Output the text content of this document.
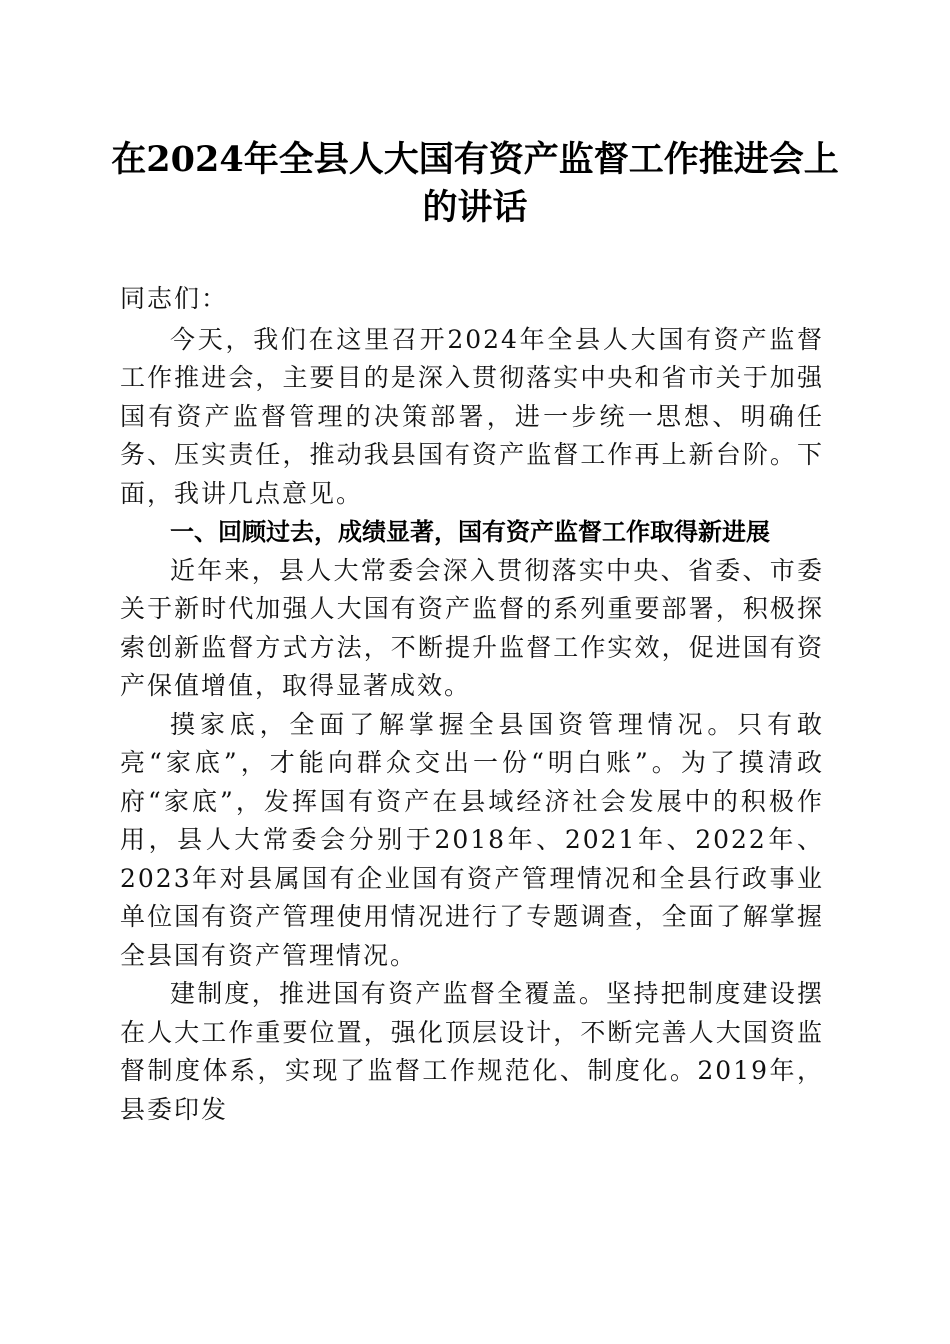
在2024年全县人大国有资产监督工作推进会上的讲话

同志们：

今天，我们在这里召开2024年全县人大国有资产监督工作推进会，主要目的是深入贯彻落实中央和省市关于加强国有资产监督管理的决策部署，进一步统一思想、明确任务、压实责任，推动我县国有资产监督工作再上新台阶。下面，我讲几点意见。

一、回顾过去，成绩显著，国有资产监督工作取得新进展

近年来，县人大常委会深入贯彻落实中央、省委、市委关于新时代加强人大国有资产监督的系列重要部署，积极探索创新监督方式方法，不断提升监督工作实效，促进国有资产保值增值，取得显著成效。

摸家底，全面了解掌握全县国资管理情况。只有敢亮“家底”，才能向群众交出一份“明白账”。为了摸清政府“家底”，发挥国有资产在县域经济社会发展中的积极作用，县人大常委会分别于2018年、2021年、2022年、2023年对县属国有企业国有资产管理情况和全县行政事业单位国有资产管理使用情况进行了专题调查，全面了解掌握全县国有资产管理情况。

建制度，推进国有资产监督全覆盖。坚持把制度建设摆在人大工作重要位置，强化顶层设计，不断完善人大国资监督制度体系，实现了监督工作规范化、制度化。2019年，县委印发
